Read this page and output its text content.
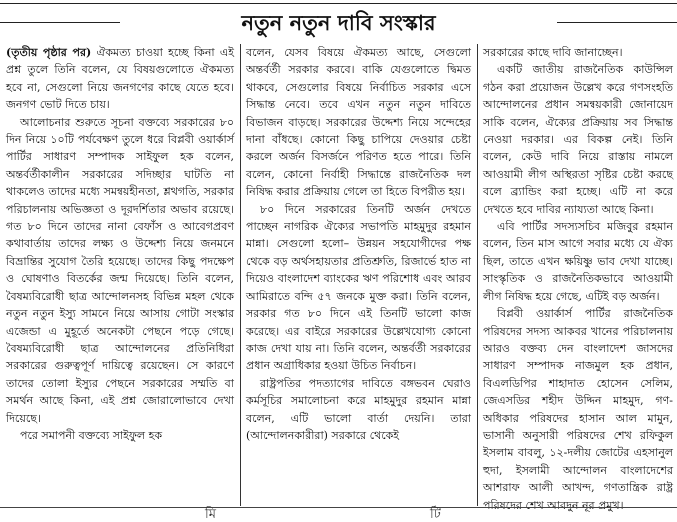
নতুন নতুন দাবি সংস্কার

(তৃতীয় পৃষ্ঠার পর) ঐকমত্য চাওয়া হচ্ছে কিনা এই প্রশ্ন তুলে তিনি বলেন, যে বিষয়গুলোতে ঐকমত্য হবে না, সেগুলো নিয়ে জনগণের কাছে যেতে হবে। জনগণ ভোট দিতে চায়।

আলোচনার শুরুতে সূচনা বক্তব্যে সরকারের ৮০ দিন নিয়ে ১০টি পর্যবেক্ষণ তুলে ধরে বিপ্লবী ওয়ার্কার্স পার্টির সাধারণ সম্পাদক সাইফুল হক বলেন, অন্তর্বর্তীকালীন সরকারের সদিচ্ছার ঘাটতি না থাকলেও তাদের মধ্যে সমন্বয়হীনতা, শ্লথগতি, সরকার পরিচালনায় অভিজ্ঞতা ও দূরদর্শিতার অভাব রয়েছে। গত ৮০ দিনে তাদের নানা বেফাঁস ও আবেগপ্রবণ কথাবার্তায় তাদের লক্ষ্য ও উদ্দেশ্য নিয়ে জনমনে বিভ্রান্তির সুযোগ তৈরি হয়েছে। তাদের কিছু পদক্ষেপ ও ঘোষণাও বিতর্কের জন্ম দিয়েছে। তিনি বলেন, বৈষম্যবিরোধী ছাত্র আন্দোলনসহ বিভিন্ন মহল থেকে নতুন নতুন ইস্যু সামনে নিয়ে আসায় গোটা সংস্কার এজেন্ডা এ মুহূর্তে অনেকটা পেছনে পড়ে গেছে। বৈষম্যবিরোধী ছাত্র আন্দোলনের প্রতিনিধিরা সরকারের গুরুত্বপূর্ণ দায়িত্বে রয়েছেন। সে কারণে তাদের তোলা ইস্যুর পেছনে সরকারের সম্মতি বা সমর্থন আছে কিনা, এই প্রশ্ন জোরালোভাবে দেখা দিয়েছে।

পরে সমাপনী বক্তব্যে সাইফুল হক

বলেন, যেসব বিষয়ে ঐকমত্য আছে, সেগুলো অন্তর্বর্তী সরকার করবে। বাকি যেগুলোতে দ্বিমত থাকবে, সেগুলোর বিষয়ে নির্বাচিত সরকার এসে সিদ্ধান্ত নেবে। তবে এখন নতুন নতুন দাবিতে বিভাজন বাড়ছে। সরকারের উদ্দেশ্য নিয়ে সন্দেহের দানা বাঁধছে। কোনো কিছু চাপিয়ে দেওয়ার চেষ্টা করলে অর্জন বিসর্জনে পরিণত হতে পারে। তিনি বলেন, কোনো নির্বাহী সিদ্ধান্তে রাজনৈতিক দল নিষিদ্ধ করার প্রক্রিয়ায় গেলে তা হিতে বিপরীত হয়।

৮০ দিনে সরকারের তিনটি অর্জন দেখতে পাচ্ছেন নাগরিক ঐক্যের সভাপতি মাহমুদুর রহমান মান্না। সেগুলো হলো– উন্নয়ন সহযোগীদের পক্ষ থেকে বড় অর্থসহায়তার প্রতিশ্রুতি, রিজার্ভে হাত না দিয়েও বাংলাদেশ ব্যাংকের ঋণ পরিশোধ এবং আরব আমিরাতে বন্দি ৫৭ জনকে মুক্ত করা। তিনি বলেন, সরকার গত ৮০ দিনে এই তিনটি ভালো কাজ করেছে। এর বাইরে সরকারের উল্লেখযোগ্য কোনো কাজ দেখা যায় না। তিনি বলেন, অন্তর্বর্তী সরকারের প্রধান অগ্রাধিকার হওয়া উচিত নির্বাচন।

রাষ্ট্রপতির পদত্যাগের দাবিতে বঙ্গভবন ঘেরাও কর্মসূচির সমালোচনা করে মাহমুদুর রহমান মান্না বলেন, এটি ভালো বার্তা দেয়নি। তারা (আন্দোলনকারীরা) সরকারে থেকেই

সরকারের কাছে দাবি জানাচ্ছেন।

একটি জাতীয় রাজনৈতিক কাউন্সিল গঠন করা প্রয়োজন উল্লেখ করে গণসংহতি আন্দোলনের প্রধান সমন্বয়কারী জোনায়েদ সাকি বলেন, ঐক্যের প্রক্রিয়ায় সব সিদ্ধান্ত নেওয়া দরকার। এর বিকল্প নেই। তিনি বলেন, কেউ দাবি নিয়ে রাস্তায় নামলে আওয়ামী লীগ অস্থিরতা সৃষ্টির চেষ্টা করছে বলে ব্র্যান্ডিং করা হচ্ছে। এটি না করে দেখতে হবে দাবির ন্যায্যতা আছে কিনা।

এবি পার্টির সদস্যসচিব মজিবুর রহমান বলেন, তিন মাস আগে সবার মধ্যে যে ঐক্য ছিল, তাতে এখন ক্ষয়িষ্ণু ভাব দেখা যাচ্ছে। সাংস্কৃতিক ও রাজনৈতিকভাবে আওয়ামী লীগ নিষিদ্ধ হয়ে গেছে, এটিই বড় অর্জন।

বিপ্লবী ওয়ার্কার্স পার্টির রাজনৈতিক পরিষদের সদস্য আকবর খানের পরিচালনায় আরও বক্তব্য দেন বাংলাদেশ জাসদের সাধারণ সম্পাদক নাজমুল হক প্রধান, বিএলডিপির শাহাদাত হোসেন সেলিম, জেএসডির শহীদ উদ্দিন মাহমুদ, গণ-অধিকার পরিষদের হাসান আল মামুন, ভাসানী অনুসারী পরিষদের শেখ রফিকুল ইসলাম বাবলু, ১২-দলীয় জোটের এহসানুল হুদা, ইসলামী আন্দোলন বাংলাদেশের আশরাফ আলী আখন্দ, গণতান্ত্রিক রাষ্ট্র পরিষদের শেখ আবদুন নূর প্রমুখ।

মি	টি
